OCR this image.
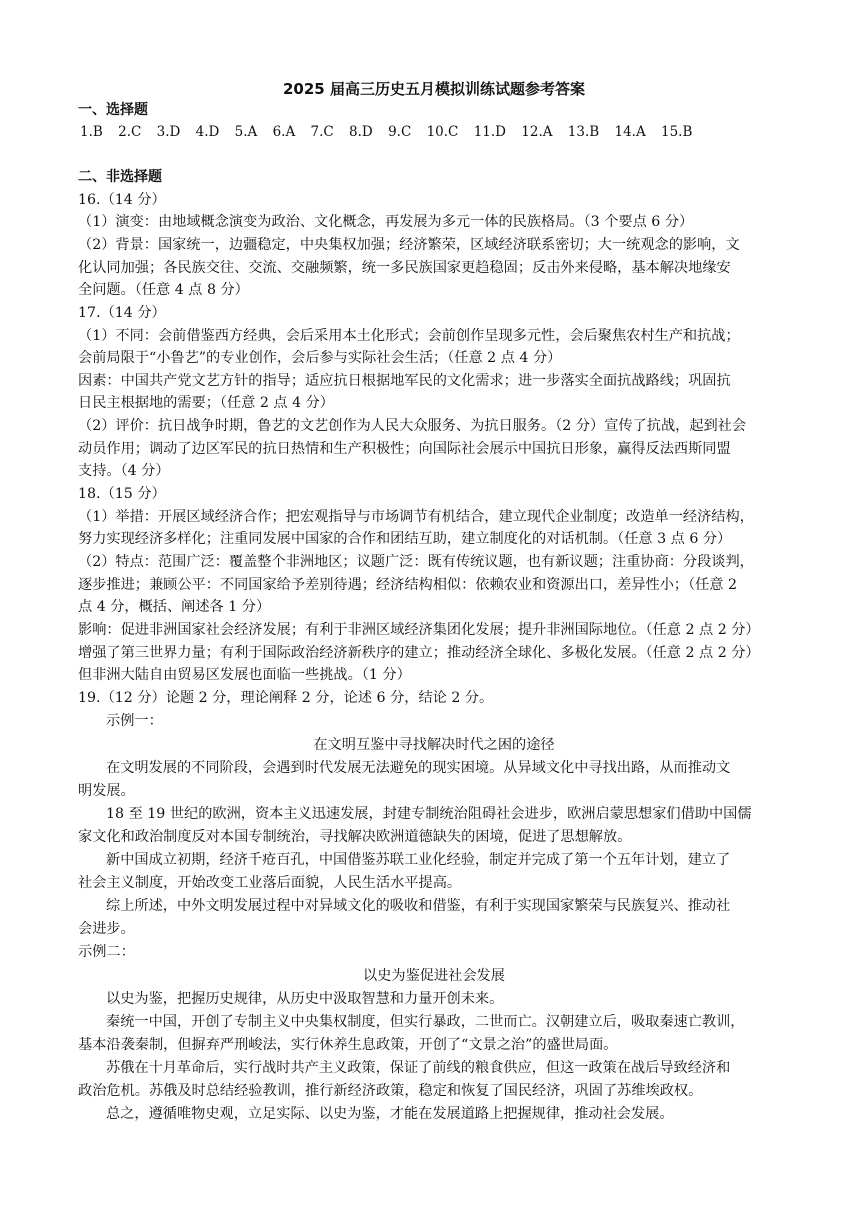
2025 届高三历史五月模拟训练试题参考答案
一、选择题
1.B 2.C 3.D 4.D 5.A 6.A 7.C 8.D 9.C 10.C 11.D 12.A 13.B 14.A 15.B
二、非选择题
16.（14 分）
（1）演变：由地域概念演变为政治、文化概念，再发展为多元一体的民族格局。（3 个要点 6 分）
（2）背景：国家统一，边疆稳定，中央集权加强；经济繁荣，区域经济联系密切；大一统观念的影响，文
化认同加强；各民族交往、交流、交融频繁，统一多民族国家更趋稳固；反击外来侵略，基本解决地缘安
全问题。（任意 4 点 8 分）
17.（14 分）
（1）不同：会前借鉴西方经典，会后采用本土化形式；会前创作呈现多元性，会后聚焦农村生产和抗战；
会前局限于“小鲁艺”的专业创作，会后参与实际社会生活；（任意 2 点 4 分）
因素：中国共产党文艺方针的指导；适应抗日根据地军民的文化需求；进一步落实全面抗战路线；巩固抗
日民主根据地的需要；（任意 2 点 4 分）
（2）评价：抗日战争时期，鲁艺的文艺创作为人民大众服务、为抗日服务。（2 分）宣传了抗战，起到社会
动员作用；调动了边区军民的抗日热情和生产积极性；向国际社会展示中国抗日形象，赢得反法西斯同盟
支持。（4 分）
18.（15 分）
（1）举措：开展区域经济合作；把宏观指导与市场调节有机结合，建立现代企业制度；改造单一经济结构，
努力实现经济多样化；注重同发展中国家的合作和团结互助，建立制度化的对话机制。（任意 3 点 6 分）
（2）特点：范围广泛：覆盖整个非洲地区；议题广泛：既有传统议题，也有新议题；注重协商：分段谈判，
逐步推进；兼顾公平：不同国家给予差别待遇；经济结构相似：依赖农业和资源出口，差异性小；（任意 2
点 4 分，概括、阐述各 1 分）
影响：促进非洲国家社会经济发展；有利于非洲区域经济集团化发展；提升非洲国际地位。（任意 2 点 2 分）
增强了第三世界力量；有利于国际政治经济新秩序的建立；推动经济全球化、多极化发展。（任意 2 点 2 分）
但非洲大陆自由贸易区发展也面临一些挑战。（1 分）
19.（12 分）论题 2 分，理论阐释 2 分，论述 6 分，结论 2 分。
示例一：
在文明互鉴中寻找解决时代之困的途径
在文明发展的不同阶段，会遇到时代发展无法避免的现实困境。从异域文化中寻找出路，从而推动文
明发展。
18 至 19 世纪的欧洲，资本主义迅速发展，封建专制统治阻碍社会进步，欧洲启蒙思想家们借助中国儒
家文化和政治制度反对本国专制统治，寻找解决欧洲道德缺失的困境，促进了思想解放。
新中国成立初期，经济千疮百孔，中国借鉴苏联工业化经验，制定并完成了第一个五年计划，建立了
社会主义制度，开始改变工业落后面貌，人民生活水平提高。
综上所述，中外文明发展过程中对异域文化的吸收和借鉴，有利于实现国家繁荣与民族复兴、推动社
会进步。
示例二：
以史为鉴促进社会发展
以史为鉴，把握历史规律，从历史中汲取智慧和力量开创未来。
秦统一中国，开创了专制主义中央集权制度，但实行暴政，二世而亡。汉朝建立后，吸取秦速亡教训，
基本沿袭秦制，但摒弃严刑峻法，实行休养生息政策，开创了“文景之治”的盛世局面。
苏俄在十月革命后，实行战时共产主义政策，保证了前线的粮食供应，但这一政策在战后导致经济和
政治危机。苏俄及时总结经验教训，推行新经济政策，稳定和恢复了国民经济，巩固了苏维埃政权。
总之，遵循唯物史观，立足实际、以史为鉴，才能在发展道路上把握规律，推动社会发展。
